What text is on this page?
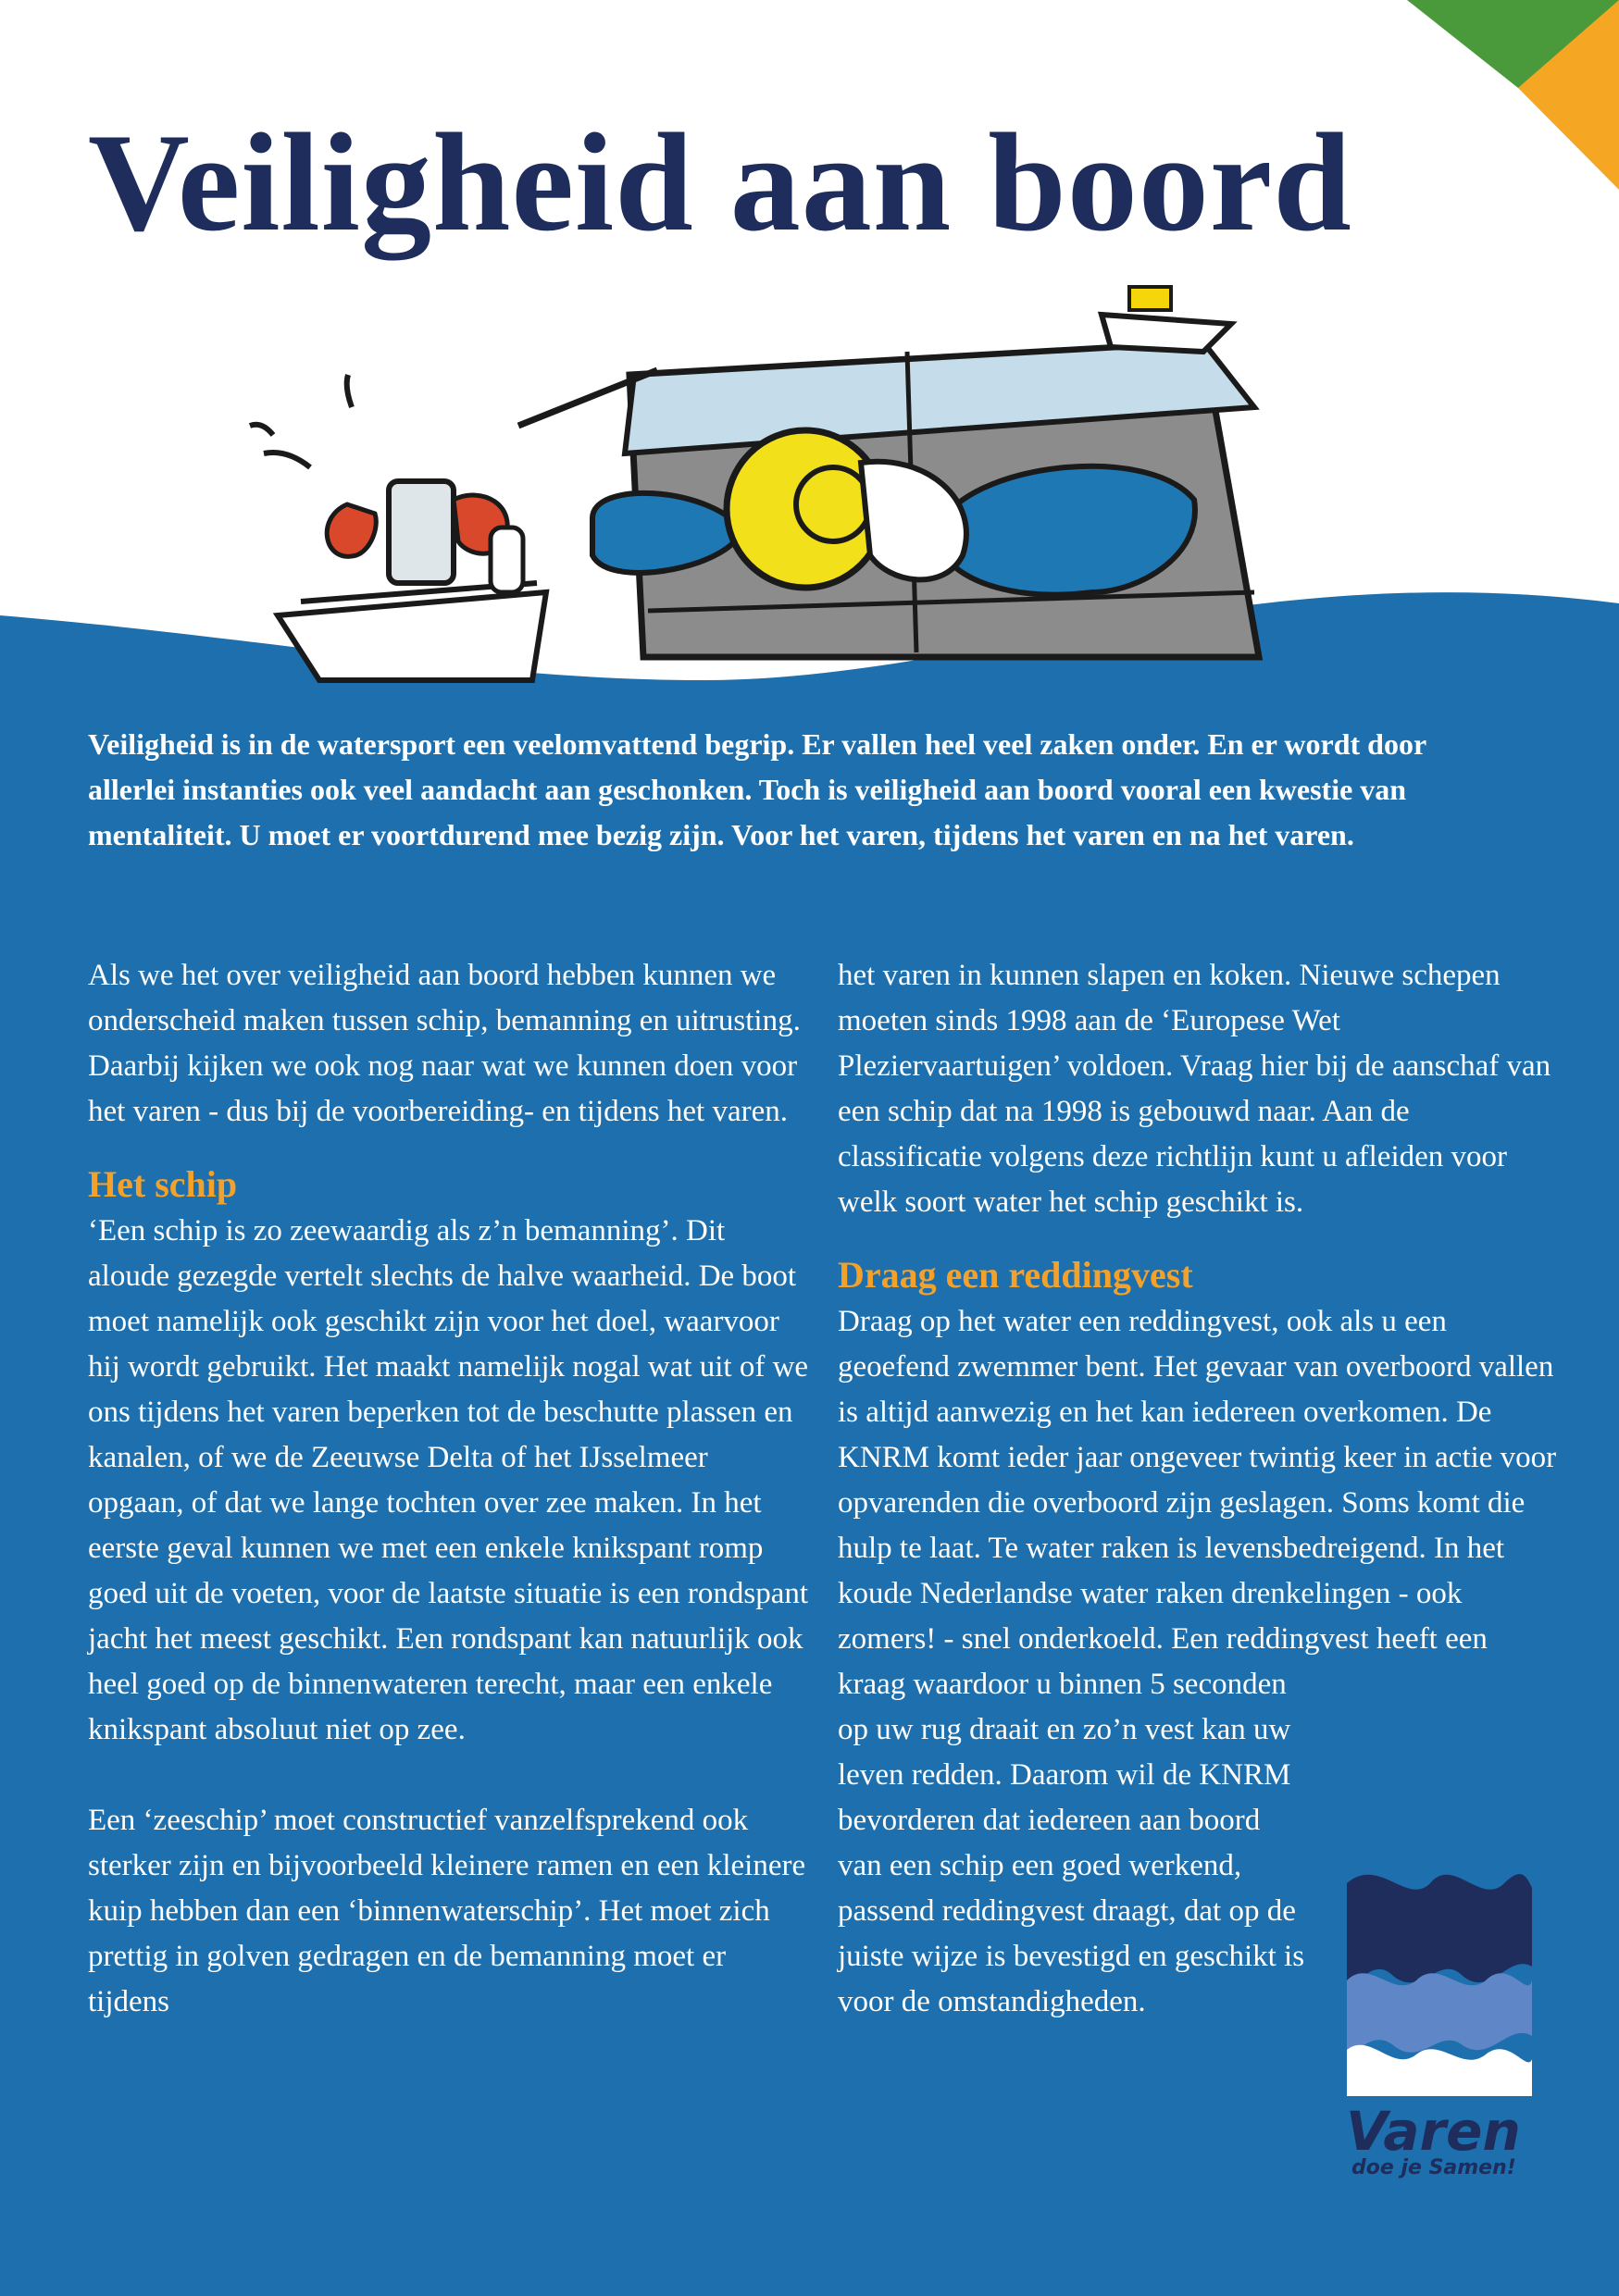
Veiligheid aan boord

Veiligheid is in de watersport een veelomvattend begrip. Er vallen heel veel zaken onder. En er wordt door allerlei instanties ook veel aandacht aan geschonken. Toch is veiligheid aan boord vooral een kwestie van mentaliteit. U moet er voortdurend mee bezig zijn. Voor het varen, tijdens het varen en na het varen.

Als we het over veiligheid aan boord hebben kunnen we onderscheid maken tussen schip, bemanning en uitrusting. Daarbij kijken we ook nog naar wat we kunnen doen voor het varen - dus bij de voorbereiding- en tijdens het varen.

Het schip

‘Een schip is zo zeewaardig als z’n bemanning’. Dit aloude gezegde vertelt slechts de halve waarheid. De boot moet namelijk ook geschikt zijn voor het doel, waarvoor hij wordt gebruikt. Het maakt namelijk nogal wat uit of we ons tijdens het varen beperken tot de beschutte plassen en kanalen, of we de Zeeuwse Delta of het IJsselmeer opgaan, of dat we lange tochten over zee maken. In het eerste geval kunnen we met een enkele knikspant romp goed uit de voeten, voor de laatste situatie is een rondspant jacht het meest geschikt. Een rondspant kan natuurlijk ook heel goed op de binnenwateren terecht, maar een enkele knikspant absoluut niet op zee.

Een ‘zeeschip’ moet constructief vanzelfsprekend ook sterker zijn en bijvoorbeeld kleinere ramen en een kleinere kuip hebben dan een ‘binnenwaterschip’. Het moet zich prettig in golven gedragen en de bemanning moet er tijdens

het varen in kunnen slapen en koken. Nieuwe schepen moeten sinds 1998 aan de ‘Europese Wet Pleziervaartuigen’ voldoen. Vraag hier bij de aanschaf van een schip dat na 1998 is gebouwd naar. Aan de classificatie volgens deze richtlijn kunt u afleiden voor welk soort water het schip geschikt is.

Draag een reddingvest

Draag op het water een reddingvest, ook als u een geoefend zwemmer bent. Het gevaar van overboord vallen is altijd aanwezig en het kan iedereen overkomen. De KNRM komt ieder jaar ongeveer twintig keer in actie voor opvarenden die overboord zijn geslagen. Soms komt die hulp te laat. Te water raken is levensbedreigend. In het koude Nederlandse water raken drenkelingen - ook zomers! - snel onderkoeld. Een reddingvest heeft een kraag waardoor u binnen 5 seconden

op uw rug draait en zo’n vest kan uw leven redden. Daarom wil de KNRM bevorderen dat iedereen aan boord van een schip een goed werkend, passend reddingvest draagt, dat op de juiste wijze is bevestigd en geschikt is voor de omstandigheden.

Varen
doe je Samen!
